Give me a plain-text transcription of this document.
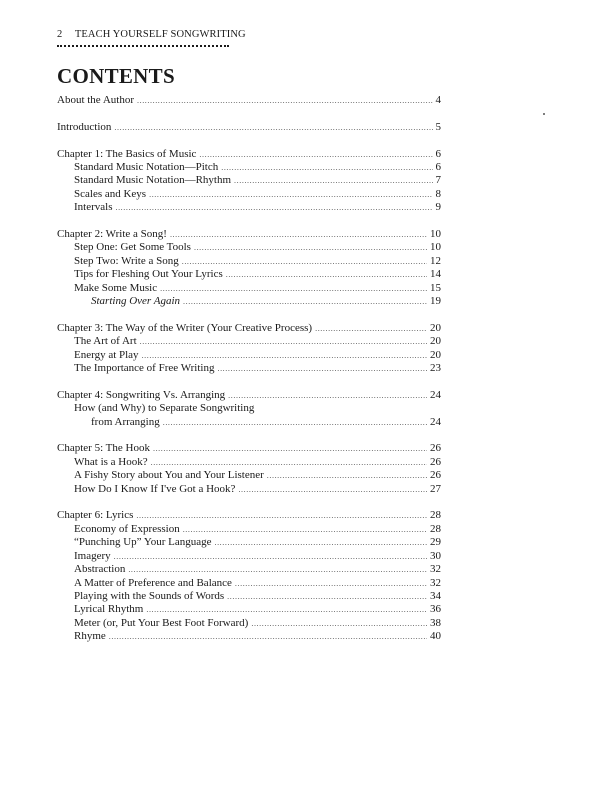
2 TEACH YOURSELF SONGWRITING
CONTENTS
About the Author .....	4
Introduction .....	5
Chapter 1: The Basics of Music .....	6
Standard Music Notation—Pitch .....	6
Standard Music Notation—Rhythm .....	7
Scales and Keys .....	8
Intervals .....	9
Chapter 2: Write a Song! .....	10
Step One: Get Some Tools .....	10
Step Two: Write a Song .....	12
Tips for Fleshing Out Your Lyrics .....	14
Make Some Music .....	15
Starting Over Again .....	19
Chapter 3: The Way of the Writer (Your Creative Process) .....	20
The Art of Art .....	20
Energy at Play .....	20
The Importance of Free Writing .....	23
Chapter 4: Songwriting Vs. Arranging .....	24
How (and Why) to Separate Songwriting
from Arranging .....	24
Chapter 5: The Hook .....	26
What is a Hook? .....	26
A Fishy Story about You and Your Listener .....	26
How Do I Know If I've Got a Hook? .....	27
Chapter 6: Lyrics .....	28
Economy of Expression .....	28
“Punching Up” Your Language .....	29
Imagery .....	30
Abstraction .....	32
A Matter of Preference and Balance .....	32
Playing with the Sounds of Words .....	34
Lyrical Rhythm .....	36
Meter (or, Put Your Best Foot Forward) .....	38
Rhyme .....	40
